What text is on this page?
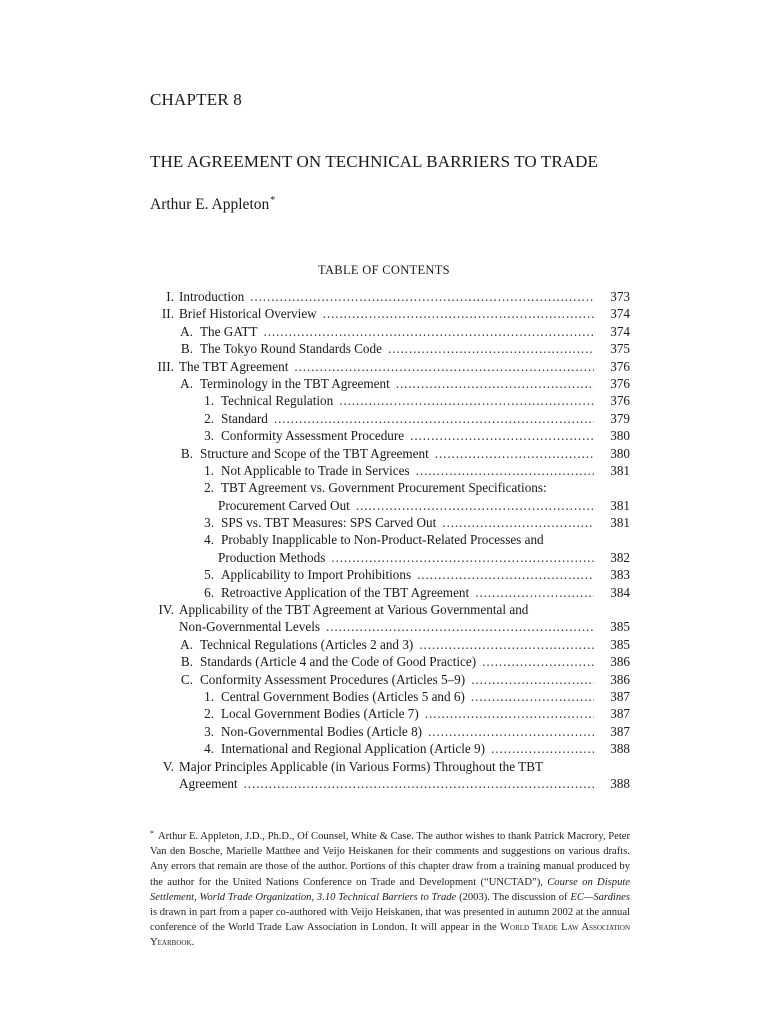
CHAPTER 8
THE AGREEMENT ON TECHNICAL BARRIERS TO TRADE
Arthur E. Appleton*
TABLE OF CONTENTS
I. Introduction . . .	373
II. Brief Historical Overview . . .	374
A. The GATT . . .	374
B. The Tokyo Round Standards Code . . .	375
III. The TBT Agreement . . .	376
A. Terminology in the TBT Agreement . . .	376
1. Technical Regulation . . .	376
2. Standard . . .	379
3. Conformity Assessment Procedure . . .	380
B. Structure and Scope of the TBT Agreement . . .	380
1. Not Applicable to Trade in Services . . .	381
2. TBT Agreement vs. Government Procurement Specifications:
Procurement Carved Out . . .	381
3. SPS vs. TBT Measures: SPS Carved Out . . .	381
4. Probably Inapplicable to Non-Product-Related Processes and
Production Methods . . .	382
5. Applicability to Import Prohibitions . . .	383
6. Retroactive Application of the TBT Agreement . . .	384
IV. Applicability of the TBT Agreement at Various Governmental and
Non-Governmental Levels . . .	385
A. Technical Regulations (Articles 2 and 3) . . .	385
B. Standards (Article 4 and the Code of Good Practice) . . .	386
C. Conformity Assessment Procedures (Articles 5–9) . . .	386
1. Central Government Bodies (Articles 5 and 6) . . .	387
2. Local Government Bodies (Article 7) . . .	387
3. Non-Governmental Bodies (Article 8) . . .	387
4. International and Regional Application (Article 9) . . .	388
V. Major Principles Applicable (in Various Forms) Throughout the TBT
Agreement . . .	388
* Arthur E. Appleton, J.D., Ph.D., Of Counsel, White & Case. The author wishes to thank Patrick Macrory, Peter Van den Bosche, Marielle Matthee and Veijo Heiskanen for their comments and suggestions on various drafts. Any errors that remain are those of the author. Portions of this chapter draw from a training manual produced by the author for the United Nations Conference on Trade and Development (“UNCTAD”), Course on Dispute Settlement, World Trade Organization, 3.10 Technical Barriers to Trade (2003). The discussion of EC—Sardines is drawn in part from a paper co-authored with Veijo Heiskanen, that was presented in autumn 2002 at the annual conference of the World Trade Law Association in London. It will appear in the World Trade Law Association Yearbook.
